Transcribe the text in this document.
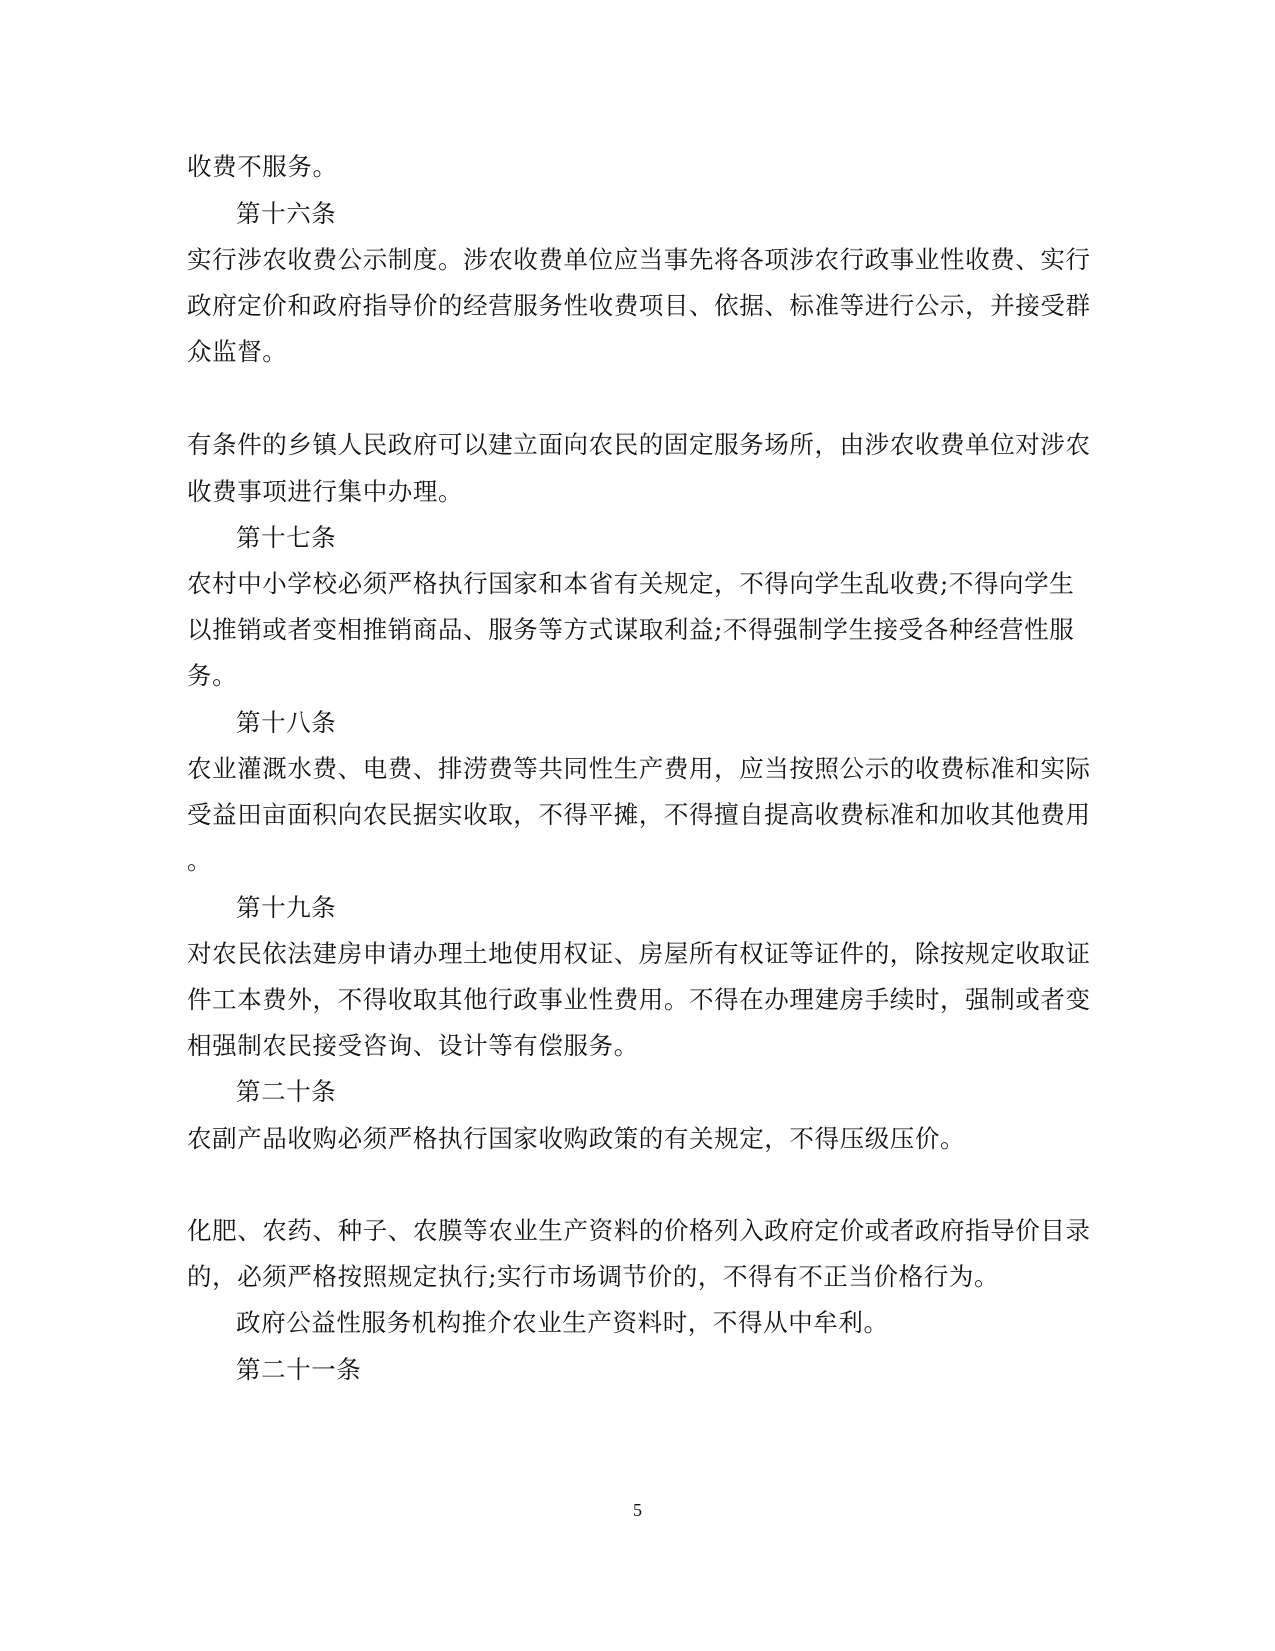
收费不服务。
第十六条
实行涉农收费公示制度。涉农收费单位应当事先将各项涉农行政事业性收费、实行
政府定价和政府指导价的经营服务性收费项目、依据、标准等进行公示，并接受群
众监督。
有条件的乡镇人民政府可以建立面向农民的固定服务场所，由涉农收费单位对涉农
收费事项进行集中办理。
第十七条
农村中小学校必须严格执行国家和本省有关规定，不得向学生乱收费;不得向学生
以推销或者变相推销商品、服务等方式谋取利益;不得强制学生接受各种经营性服
务。
第十八条
农业灌溉水费、电费、排涝费等共同性生产费用，应当按照公示的收费标准和实际
受益田亩面积向农民据实收取，不得平摊，不得擅自提高收费标准和加收其他费用
。
第十九条
对农民依法建房申请办理土地使用权证、房屋所有权证等证件的，除按规定收取证
件工本费外，不得收取其他行政事业性费用。不得在办理建房手续时，强制或者变
相强制农民接受咨询、设计等有偿服务。
第二十条
农副产品收购必须严格执行国家收购政策的有关规定，不得压级压价。
化肥、农药、种子、农膜等农业生产资料的价格列入政府定价或者政府指导价目录
的，必须严格按照规定执行;实行市场调节价的，不得有不正当价格行为。
政府公益性服务机构推介农业生产资料时，不得从中牟利。
第二十一条
5
